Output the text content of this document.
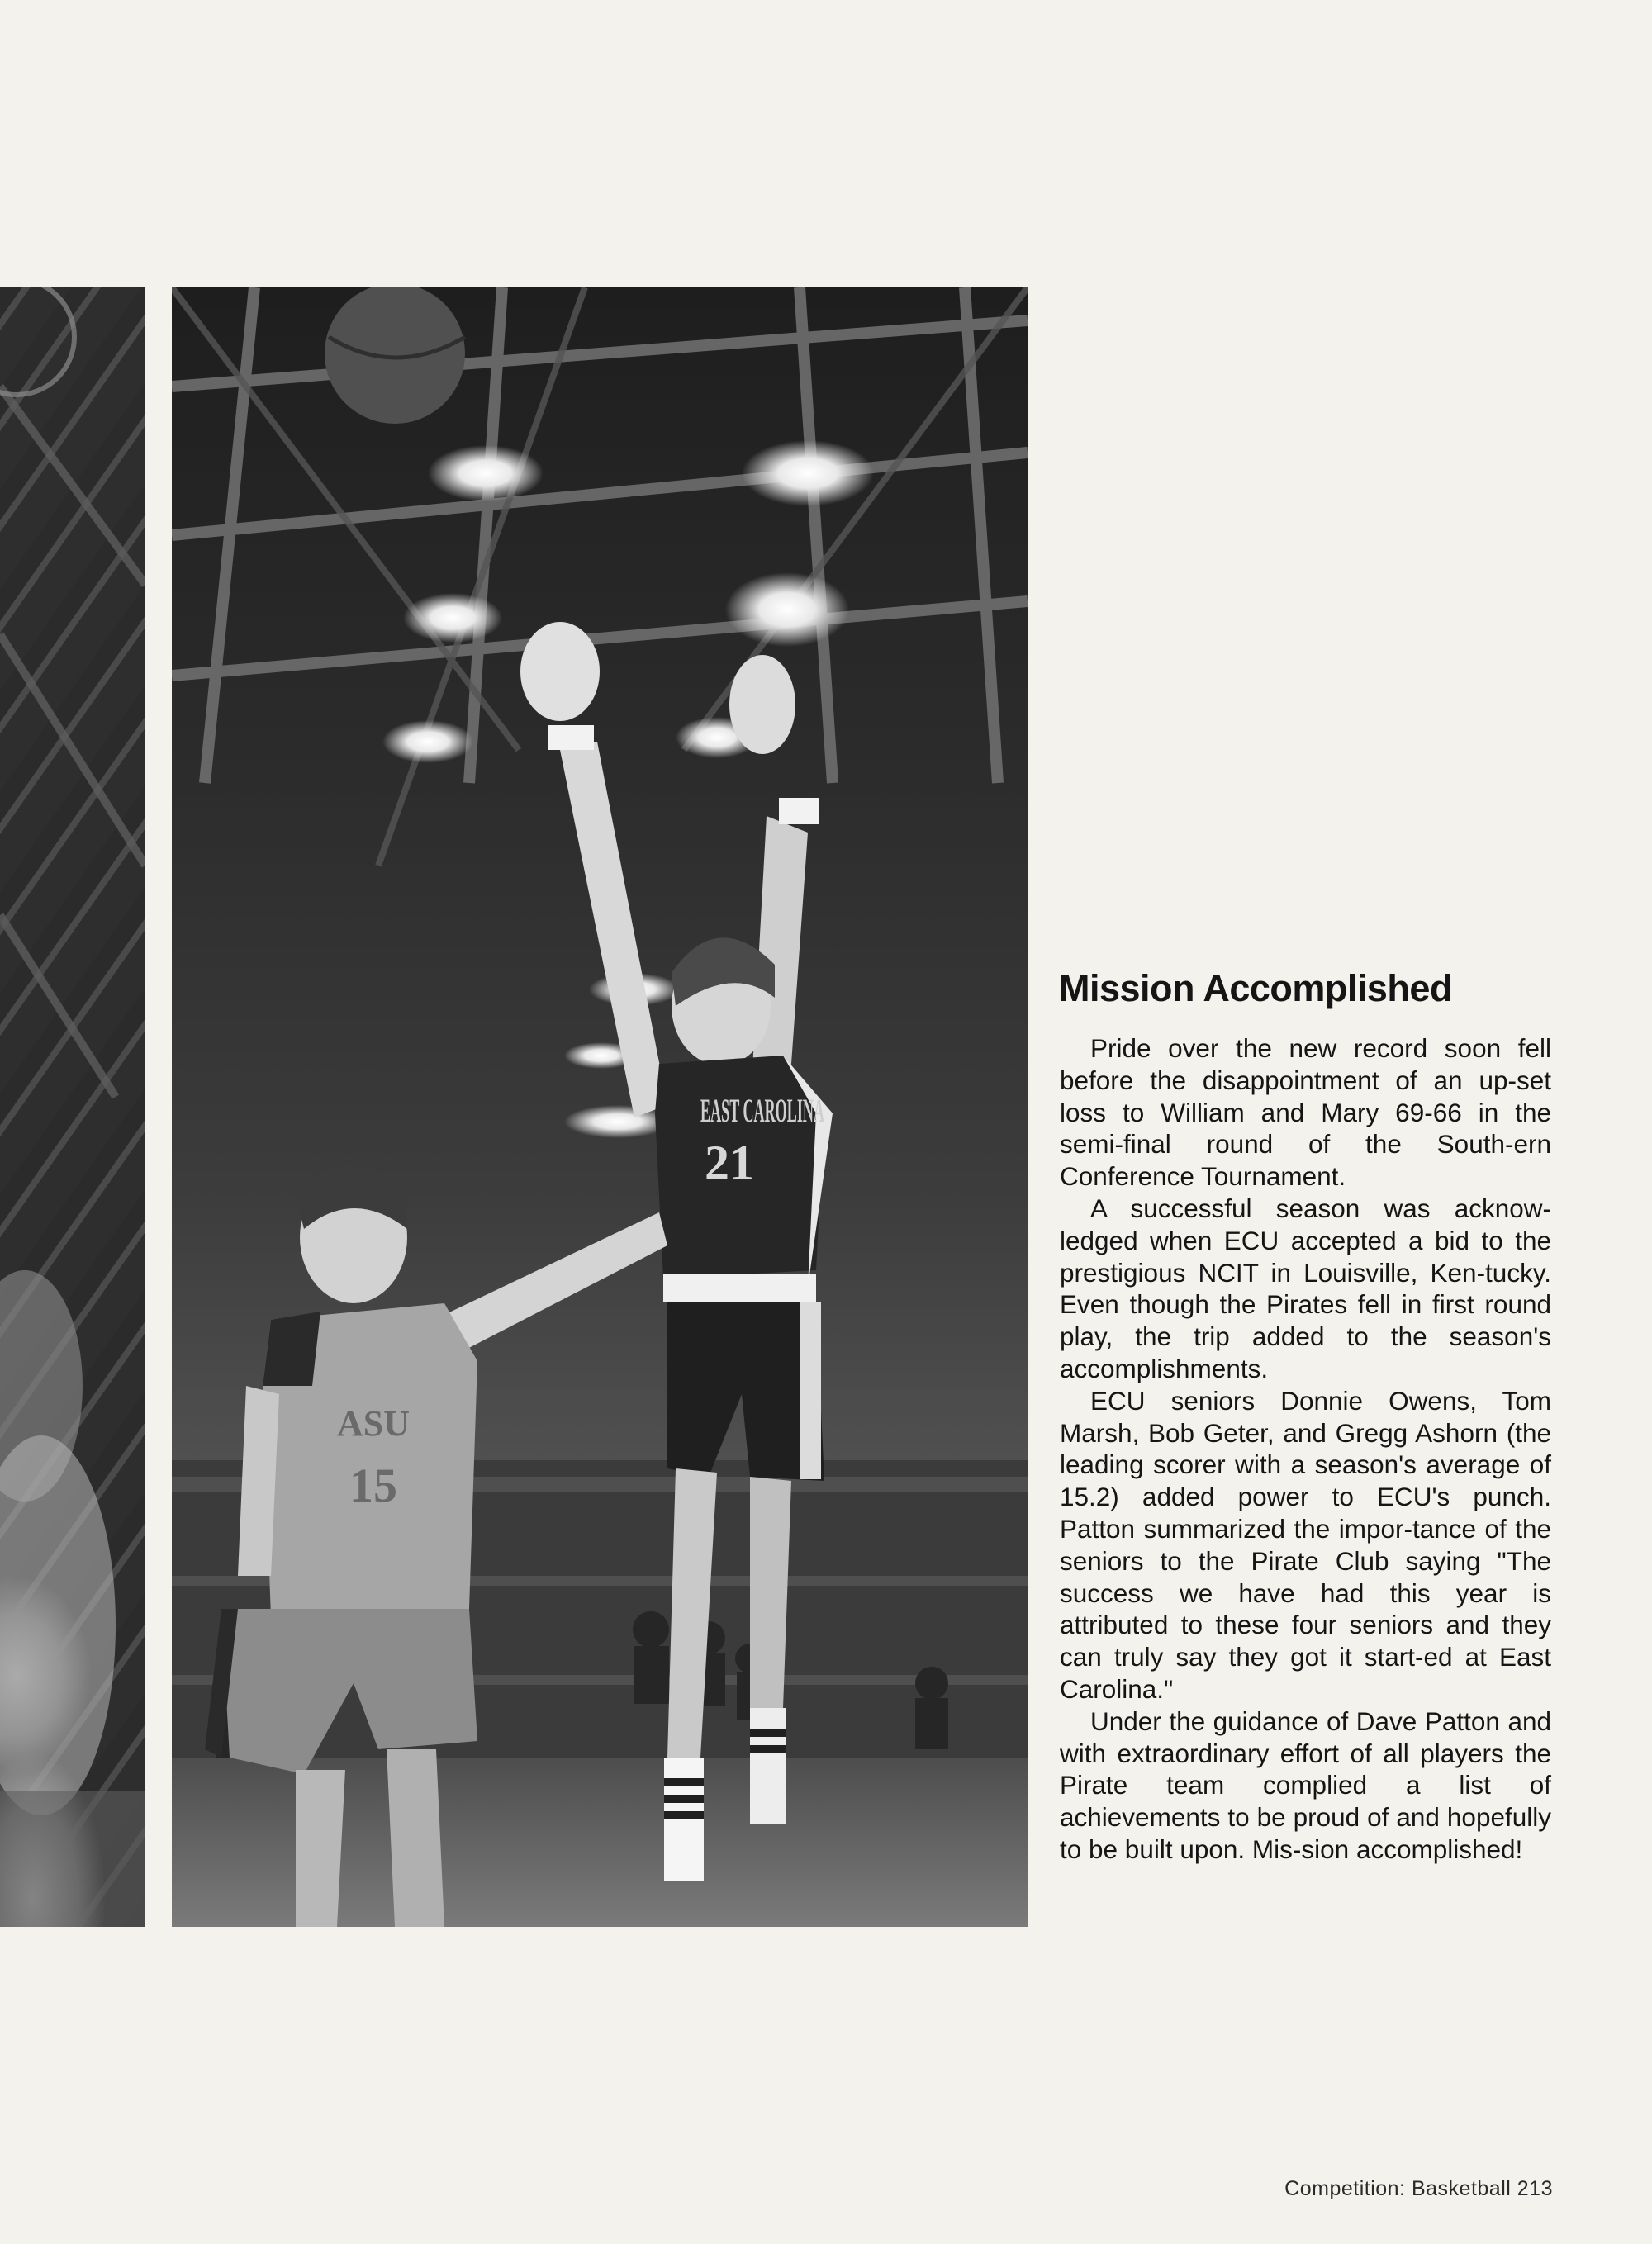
EAST CAROLINA
21
ASU
15
Mission Accomplished

Pride over the new record soon fell before the disappointment of an up-set loss to William and Mary 69-66 in the semi-final round of the South-ern Conference Tournament.

A successful season was acknow-ledged when ECU accepted a bid to the prestigious NCIT in Louisville, Ken-tucky. Even though the Pirates fell in first round play, the trip added to the season's accomplishments.

ECU seniors Donnie Owens, Tom Marsh, Bob Geter, and Gregg Ashorn (the leading scorer with a season's average of 15.2) added power to ECU's punch. Patton summarized the impor-tance of the seniors to the Pirate Club saying "The success we have had this year is attributed to these four seniors and they can truly say they got it start-ed at East Carolina."

Under the guidance of Dave Patton and with extraordinary effort of all players the Pirate team complied a list of achievements to be proud of and hopefully to be built upon. Mis-sion accomplished!

Competition: Basketball 213
